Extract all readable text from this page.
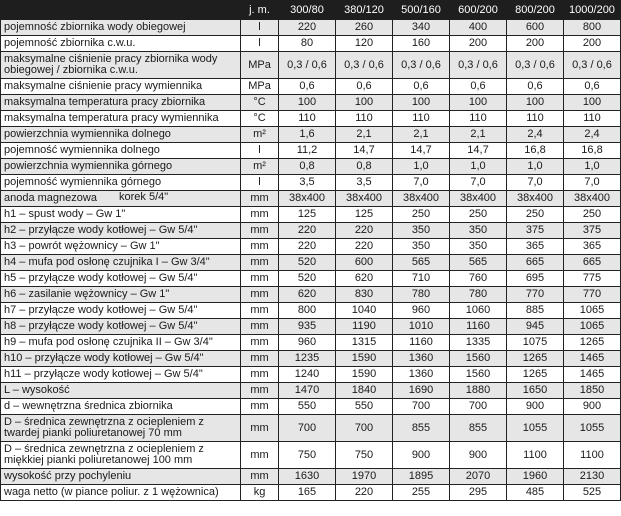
	j. m.	300/80	380/120	500/160	600/200	800/200	1000/200
pojemność zbiornika wody obiegowej	l	220	260	340	400	600	800
pojemność zbiornika c.w.u.	l	80	120	160	200	200	200

maksymalne ciśnienie pracy zbiornika wody obiegowej / zbiornika c.w.u.	MPa	0,3 / 0,6	0,3 / 0,6	0,3 / 0,6	0,3 / 0,6	0,3 / 0,6	0,3 / 0,6
maksymalne ciśnienie pracy wymiennika	MPa	0,6	0,6	0,6	0,6	0,6	0,6
maksymalna temperatura pracy zbiornika	°C	100	100	100	100	100	100
maksymalna temperatura pracy wymiennika	°C	110	110	110	110	110	110
powierzchnia wymiennika dolnego	m²	1,6	2,1	2,1	2,1	2,4	2,4
pojemność wymiennika dolnego	l	11,2	14,7	14,7	14,7	16,8	16,8
powierzchnia wymiennika górnego	m²	0,8	0,8	1,0	1,0	1,0	1,0
pojemność wymiennika górnego	l	3,5	3,5	7,0	7,0	7,0	7,0
anoda magnezowa korek 5/4"	mm	38x400	38x400	38x400	38x400	38x400	38x400
h1 – spust wody – Gw 1"	mm	125	125	250	250	250	250
h2 – przyłącze wody kotłowej – Gw 5/4"	mm	220	220	350	350	375	375
h3 – powrót wężownicy – Gw 1"	mm	220	220	350	350	365	365
h4 – mufa pod osłonę czujnika I – Gw 3/4"	mm	520	600	565	565	665	665
h5 – przyłącze wody kotłowej – Gw 5/4"	mm	520	620	710	760	695	775
h6 – zasilanie wężownicy – Gw 1"	mm	620	830	780	780	770	770
h7 – przyłącze wody kotłowej – Gw 5/4"	mm	800	1040	960	1060	885	1065
h8 – przyłącze wody kotłowej – Gw 5/4"	mm	935	1190	1010	1160	945	1065
h9 – mufa pod osłonę czujnika II – Gw 3/4"	mm	960	1315	1160	1335	1075	1265
h10 – przyłącze wody kotłowej – Gw 5/4"	mm	1235	1590	1360	1560	1265	1465
h11 – przyłącze wody kotłowej – Gw 5/4"	mm	1240	1590	1360	1560	1265	1465
L – wysokość	mm	1470	1840	1690	1880	1650	1850
d – wewnętrzna średnica zbiornika	mm	550	550	700	700	900	900

D – średnica zewnętrzna z ociepleniem z twardej pianki poliuretanowej 70 mm	mm	700	700	855	855	1055	1055

D – średnica zewnętrzna z ociepleniem z miękkiej pianki poliuretanowej 100 mm	mm	750	750	900	900	1100	1100
wysokość przy pochyleniu	mm	1630	1970	1895	2070	1960	2130
waga netto (w piance poliur. z 1 wężownica)	kg	165	220	255	295	485	525
